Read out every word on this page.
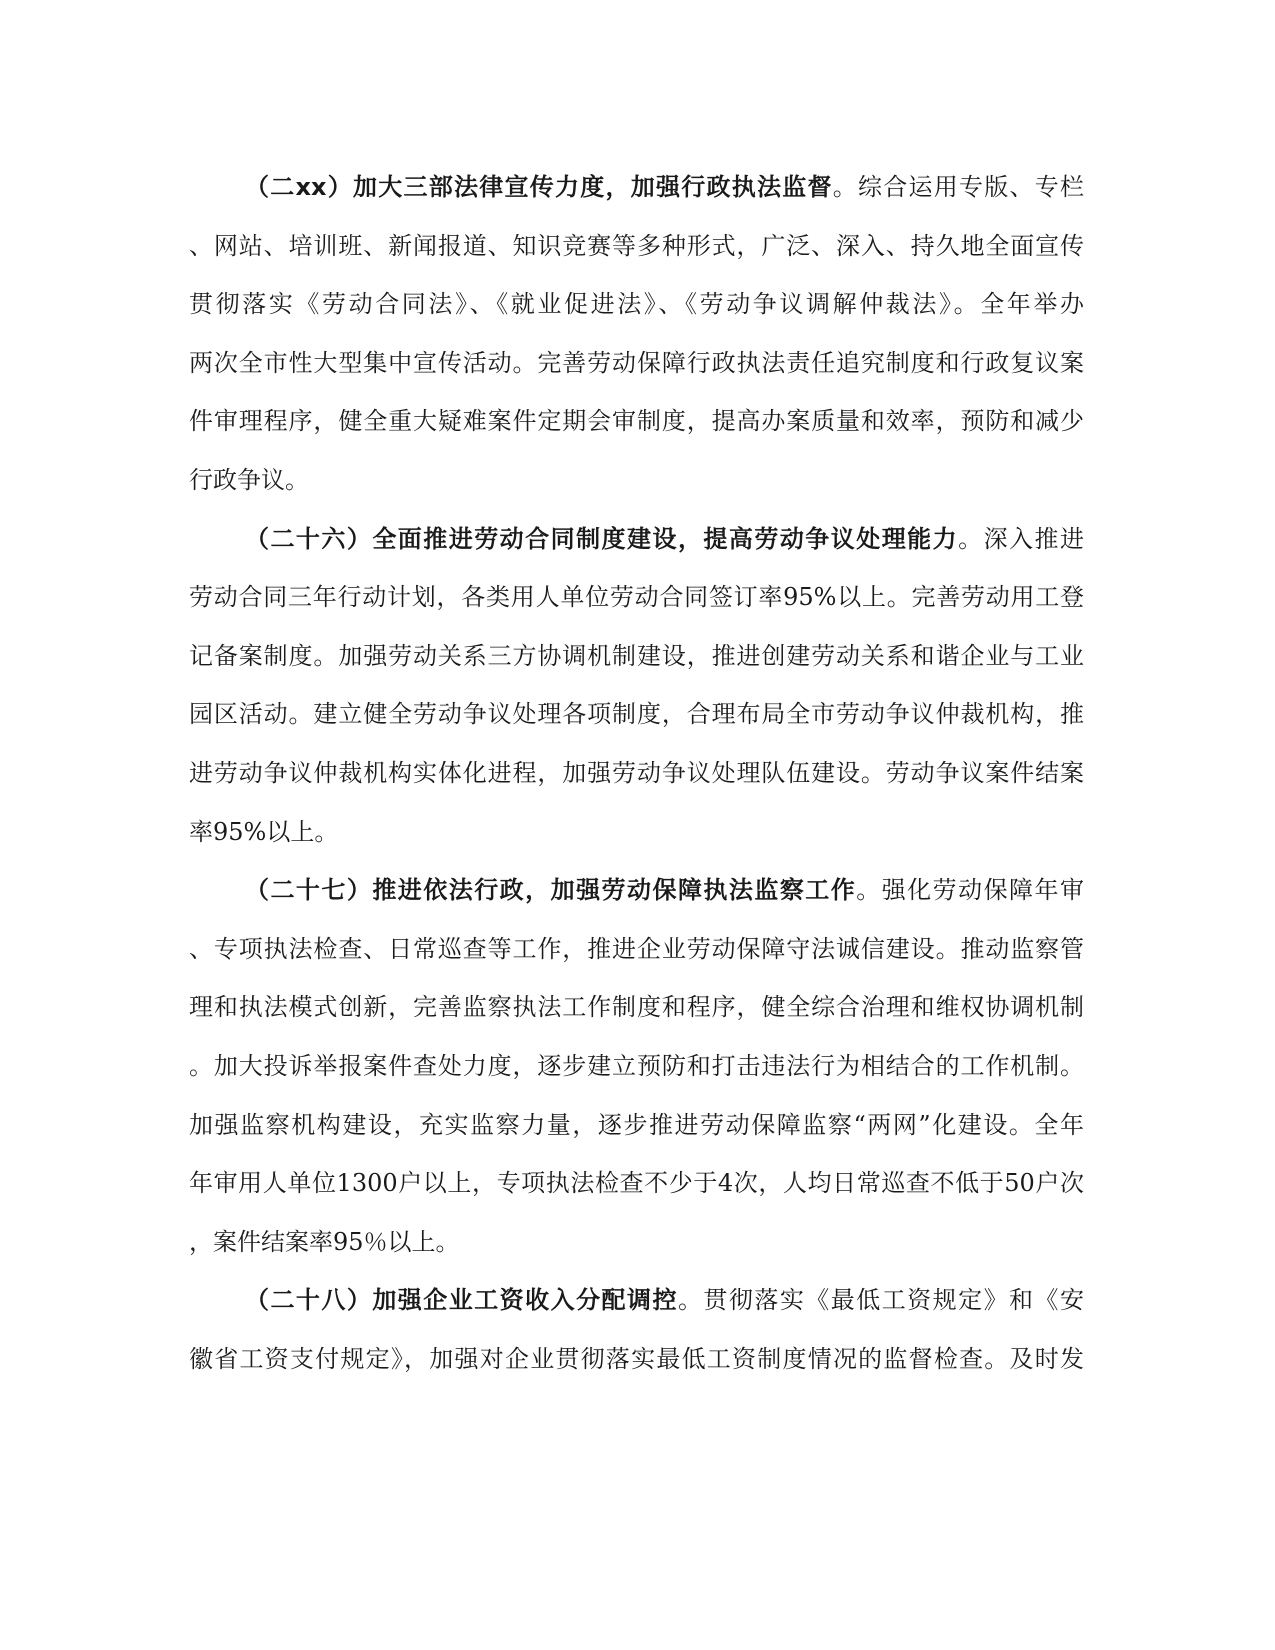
（二xx）加大三部法律宣传力度，加强行政执法监督。综合运用专版、专栏
、网站、培训班、新闻报道、知识竞赛等多种形式，广泛、深入、持久地全面宣传
贯彻落实《劳动合同法》、《就业促进法》、《劳动争议调解仲裁法》。全年举办
两次全市性大型集中宣传活动。完善劳动保障行政执法责任追究制度和行政复议案
件审理程序，健全重大疑难案件定期会审制度，提高办案质量和效率，预防和减少
行政争议。
（二十六）全面推进劳动合同制度建设，提高劳动争议处理能力。深入推进
劳动合同三年行动计划，各类用人单位劳动合同签订率95%以上。完善劳动用工登
记备案制度。加强劳动关系三方协调机制建设，推进创建劳动关系和谐企业与工业
园区活动。建立健全劳动争议处理各项制度，合理布局全市劳动争议仲裁机构，推
进劳动争议仲裁机构实体化进程，加强劳动争议处理队伍建设。劳动争议案件结案
率95%以上。
（二十七）推进依法行政，加强劳动保障执法监察工作。强化劳动保障年审
、专项执法检查、日常巡查等工作，推进企业劳动保障守法诚信建设。推动监察管
理和执法模式创新，完善监察执法工作制度和程序，健全综合治理和维权协调机制
。加大投诉举报案件查处力度，逐步建立预防和打击违法行为相结合的工作机制。
加强监察机构建设，充实监察力量，逐步推进劳动保障监察“两网”化建设。全年
年审用人单位1300户以上，专项执法检查不少于4次，人均日常巡查不低于50户次
，案件结案率95％以上。
（二十八）加强企业工资收入分配调控。贯彻落实《最低工资规定》和《安
徽省工资支付规定》，加强对企业贯彻落实最低工资制度情况的监督检查。及时发
